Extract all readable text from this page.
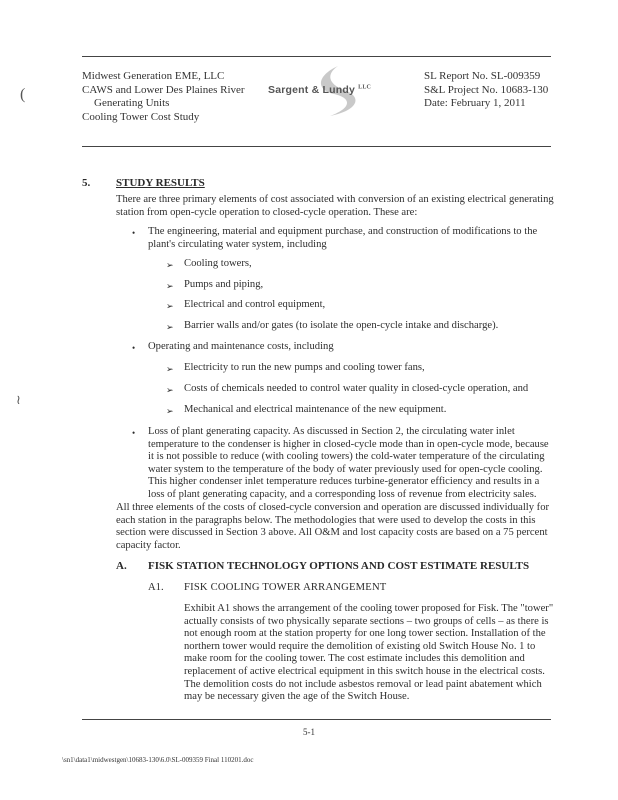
(
≀
Midwest Generation EME, LLC
CAWS and Lower Des Plaines River
Generating Units
Cooling Tower Cost Study
Sargent & Lundy $^{LLC}$
SL Report No. SL-009359
S&L Project No. 10683-130
Date: February 1, 2011
5. STUDY RESULTS
There are three primary elements of cost associated with conversion of an existing electrical generating
station from open-cycle operation to closed-cycle operation. These are:
• The engineering, material and equipment purchase, and construction of modifications to the
plant's circulating water system, including
➢ Cooling towers,
➢ Pumps and piping,
➢ Electrical and control equipment,
➢ Barrier walls and/or gates (to isolate the open-cycle intake and discharge).
• Operating and maintenance costs, including
➢ Electricity to run the new pumps and cooling tower fans,
➢ Costs of chemicals needed to control water quality in closed-cycle operation, and
➢ Mechanical and electrical maintenance of the new equipment.
• Loss of plant generating capacity. As discussed in Section 2, the circulating water inlet
temperature to the condenser is higher in closed-cycle mode than in open-cycle mode, because
it is not possible to reduce (with cooling towers) the cold-water temperature of the circulating
water system to the temperature of the body of water previously used for open-cycle cooling.
This higher condenser inlet temperature reduces turbine-generator efficiency and results in a
loss of plant generating capacity, and a corresponding loss of revenue from electricity sales.
All three elements of the costs of closed-cycle conversion and operation are discussed individually for
each station in the paragraphs below. The methodologies that were used to develop the costs in this
section were discussed in Section 3 above. All O&M and lost capacity costs are based on a 75 percent
capacity factor.
A. FISK STATION TECHNOLOGY OPTIONS AND COST ESTIMATE RESULTS
A1. FISK COOLING TOWER ARRANGEMENT
Exhibit A1 shows the arrangement of the cooling tower proposed for Fisk. The "tower"
actually consists of two physically separate sections – two groups of cells – as there is
not enough room at the station property for one long tower section. Installation of the
northern tower would require the demolition of existing old Switch House No. 1 to
make room for the cooling tower. The cost estimate includes this demolition and
replacement of active electrical equipment in this switch house in the electrical costs.
The demolition costs do not include asbestos removal or lead paint abatement which
may be necessary given the age of the Switch House.
5-1
\sn1\data1\midwestgen\10683-130\6.0\SL-009359 Final 110201.doc
